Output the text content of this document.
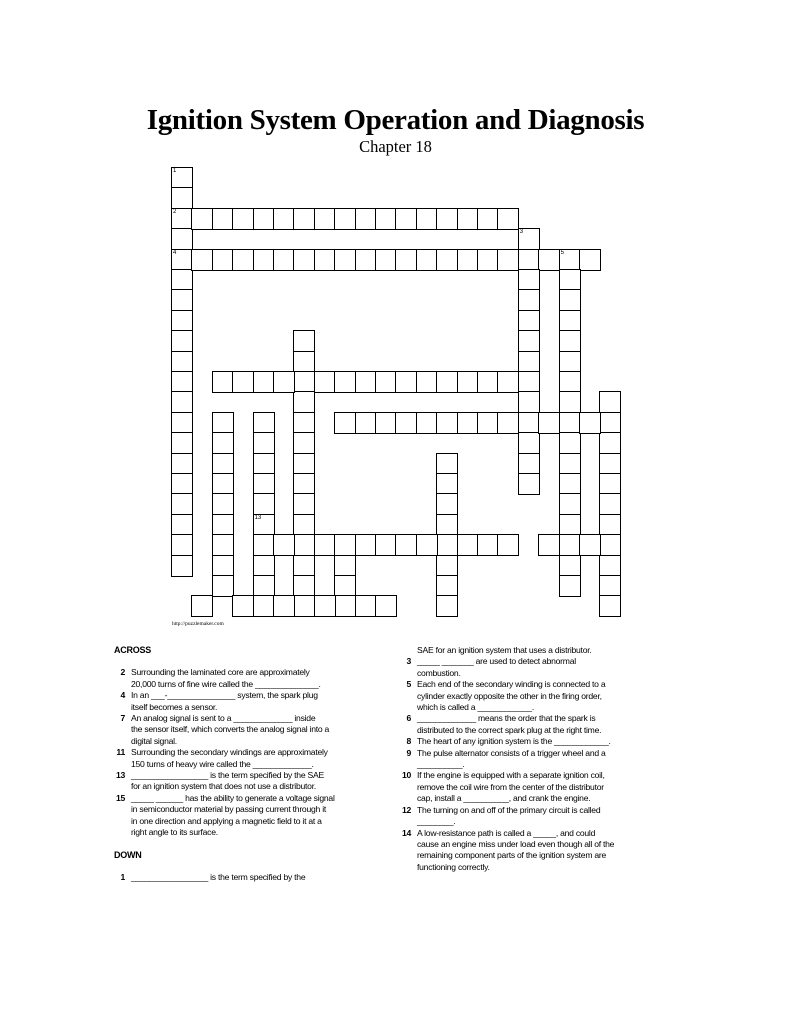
Ignition System Operation and Diagnosis
Chapter 18
1
2
4	5
3
13
http://puzzlemaker.com
ACROSS
2 Surrounding the laminated core are approximately
20,000 turns of fine wire called the ______________.
4 In an ___-_______________ system, the spark plug
itself becomes a sensor.
7 An analog signal is sent to a _____________ inside
the sensor itself, which converts the analog signal into a
digital signal.
11 Surrounding the secondary windings are approximately
150 turns of heavy wire called the _____________.
13 _________________ is the term specified by the SAE
for an ignition system that does not use a distributor.
15 _____ ______ has the ability to generate a voltage signal
in semiconductor material by passing current through it
in one direction and applying a magnetic field to it at a
right angle to its surface.
DOWN
1 _________________ is the term specified by the
SAE for an ignition system that uses a distributor.
3 _____ _______ are used to detect abnormal
combustion.
5 Each end of the secondary winding is connected to a
cylinder exactly opposite the other in the firing order,
which is called a ____________.
6 _____________ means the order that the spark is
distributed to the correct spark plug at the right time.
8 The heart of any ignition system is the ____________.
9 The pulse alternator consists of a trigger wheel and a
__________.
10 If the engine is equipped with a separate ignition coil,
remove the coil wire from the center of the distributor
cap, install a __________, and crank the engine.
12 The turning on and off of the primary circuit is called
________.
14 A low-resistance path is called a _____, and could
cause an engine miss under load even though all of the
remaining component parts of the ignition system are
functioning correctly.
